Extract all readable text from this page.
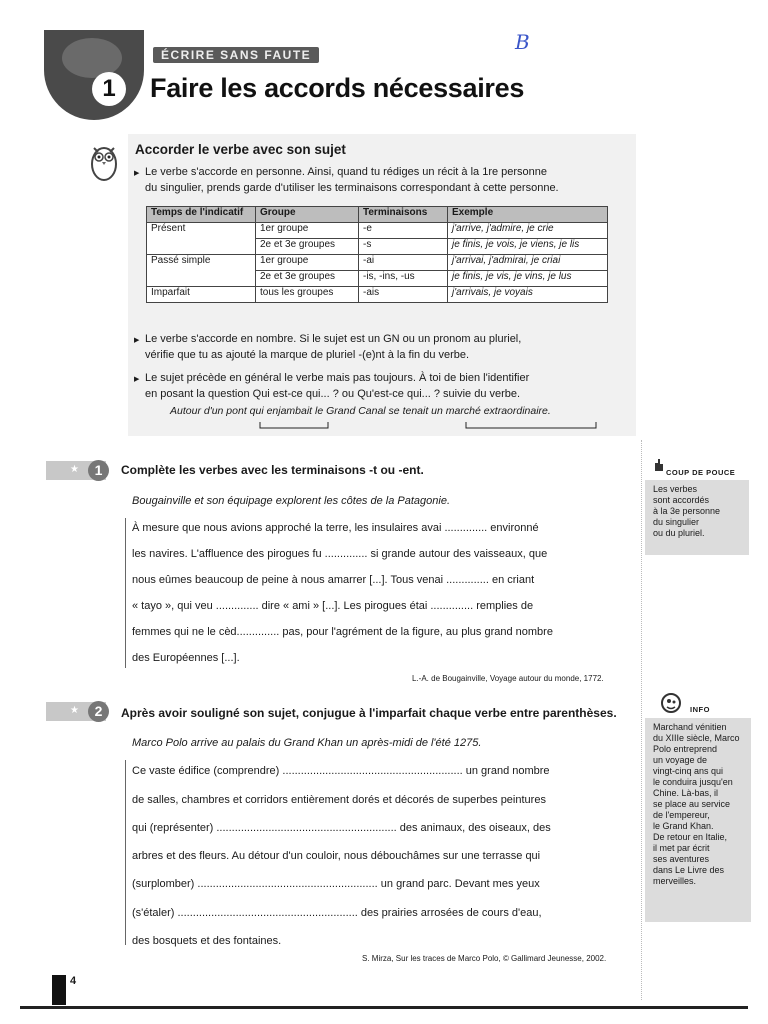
1
ÉCRIRE SANS FAUTE
Faire les accords nécessaires
B
Accorder le verbe avec son sujet
▶ Le verbe s'accorde en personne. Ainsi, quand tu rédiges un récit à la 1re personne
du singulier, prends garde d'utiliser les terminaisons correspondant à cette personne.
Temps de l'indicatif	Groupe	Terminaisons	Exemple
Présent	1er groupe	-e	j'arrive, j'admire, je crie
	2e et 3e groupes	-s	je finis, je vois, je viens, je lis
Passé simple	1er groupe	-ai	j'arrivai, j'admirai, je criai
	2e et 3e groupes	-is, -ins, -us	je finis, je vis, je vins, je lus
Imparfait	tous les groupes	-ais	j'arrivais, je voyais
▶ Le verbe s'accorde en nombre. Si le sujet est un GN ou un pronom au pluriel,
vérifie que tu as ajouté la marque de pluriel -(e)nt à la fin du verbe.
▶ Le sujet précède en général le verbe mais pas toujours. À toi de bien l'identifier
en posant la question Qui est-ce qui... ? ou Qu'est-ce qui... ? suivie du verbe.
Autour d'un pont qui enjambait le Grand Canal se tenait un marché extraordinaire.
★	1	Complète les verbes avec les terminaisons -t ou -ent.
Bougainville et son équipage explorent les côtes de la Patagonie.
À mesure que nous avions approché la terre, les insulaires avai .............. environné
les navires. L'affluence des pirogues fu .............. si grande autour des vaisseaux, que
nous eûmes beaucoup de peine à nous amarrer [...]. Tous venai .............. en criant
« tayo », qui veu .............. dire « ami » [...]. Les pirogues étai .............. remplies de
femmes qui ne le cèd.............. pas, pour l'agrément de la figure, au plus grand nombre
des Européennes [...].
L.-A. de Bougainville, Voyage autour du monde, 1772.
★	2	Après avoir souligné son sujet, conjugue à l'imparfait chaque verbe entre parenthèses.
Marco Polo arrive au palais du Grand Khan un après-midi de l'été 1275.
Ce vaste édifice (comprendre) ........................................................... un grand nombre
de salles, chambres et corridors entièrement dorés et décorés de superbes peintures
qui (représenter) ........................................................... des animaux, des oiseaux, des
arbres et des fleurs. Au détour d'un couloir, nous débouchâmes sur une terrasse qui
(surplomber) ........................................................... un grand parc. Devant mes yeux
(s'étaler) ........................................................... des prairies arrosées de cours d'eau,
des bosquets et des fontaines.
S. Mirza, Sur les traces de Marco Polo, © Gallimard Jeunesse, 2002.
COUP DE POUCE
Les verbes
sont accordés
à la 3e personne
du singulier
ou du pluriel.
INFO
Marchand vénitien
du XIIIe siècle, Marco
Polo entreprend
un voyage de
vingt-cinq ans qui
le conduira jusqu'en
Chine. Là-bas, il
se place au service
de l'empereur,
le Grand Khan.
De retour en Italie,
il met par écrit
ses aventures
dans Le Livre des
merveilles.
4
